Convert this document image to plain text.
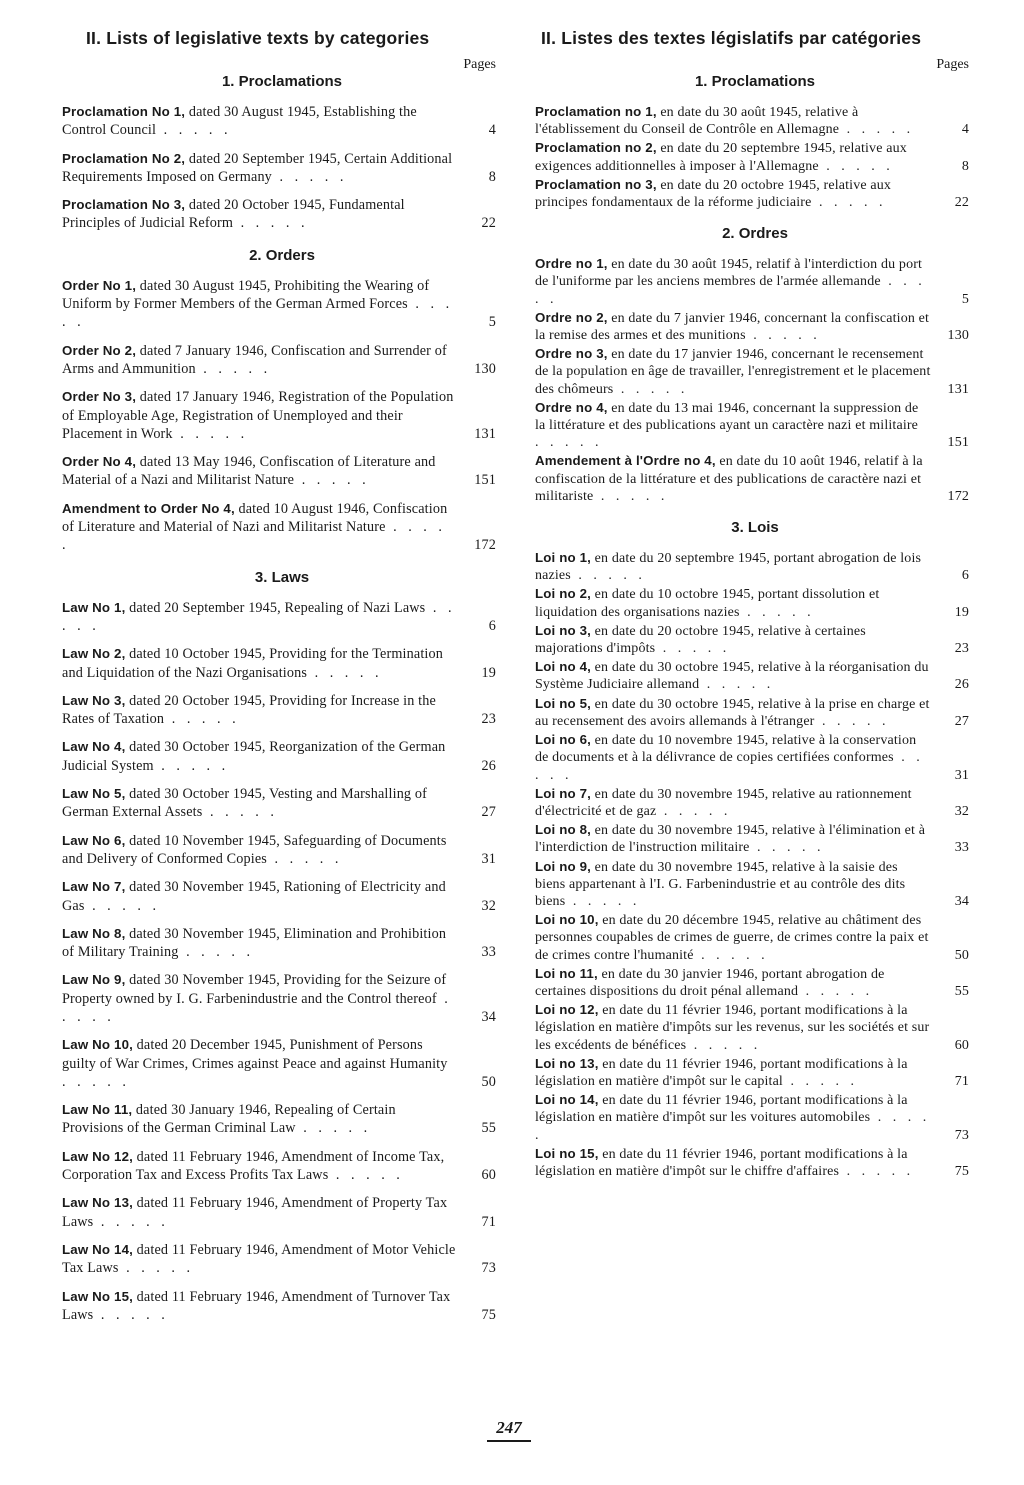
II. Lists of legislative texts by categories
Pages
1. Proclamations
Proclamation No 1, dated 30 August 1945, Establishing the Control Council . . . . .	4
Proclamation No 2, dated 20 September 1945, Certain Additional Requirements Imposed on Germany . . . . .	8
Proclamation No 3, dated 20 October 1945, Fundamental Principles of Judicial Reform . . . . .	22
2. Orders
Order No 1, dated 30 August 1945, Prohibiting the Wearing of Uniform by Former Members of the German Armed Forces . . . . .	5
Order No 2, dated 7 January 1946, Confiscation and Surrender of Arms and Ammunition . . . . .	130
Order No 3, dated 17 January 1946, Registration of the Population of Employable Age, Registration of Unemployed and their Placement in Work . . . . .	131
Order No 4, dated 13 May 1946, Confiscation of Literature and Material of a Nazi and Militarist Nature . . . . .	151
Amendment to Order No 4, dated 10 August 1946, Confiscation of Literature and Material of Nazi and Militarist Nature . . . . .	172
3. Laws
Law No 1, dated 20 September 1945, Repealing of Nazi Laws . . . . .	6
Law No 2, dated 10 October 1945, Providing for the Termination and Liquidation of the Nazi Organisations . . . . .	19
Law No 3, dated 20 October 1945, Providing for Increase in the Rates of Taxation . . . . .	23
Law No 4, dated 30 October 1945, Reorganization of the German Judicial System . . . . .	26
Law No 5, dated 30 October 1945, Vesting and Marshalling of German External Assets . . . . .	27
Law No 6, dated 10 November 1945, Safeguarding of Documents and Delivery of Conformed Copies . . . . .	31
Law No 7, dated 30 November 1945, Rationing of Electricity and Gas . . . . .	32
Law No 8, dated 30 November 1945, Elimination and Prohibition of Military Training . . . . .	33
Law No 9, dated 30 November 1945, Providing for the Seizure of Property owned by I. G. Farbenindustrie and the Control thereof . . . . .	34
Law No 10, dated 20 December 1945, Punishment of Persons guilty of War Crimes, Crimes against Peace and against Humanity . . . . .	50
Law No 11, dated 30 January 1946, Repealing of Certain Provisions of the German Criminal Law . . . . .	55
Law No 12, dated 11 February 1946, Amendment of Income Tax, Corporation Tax and Excess Profits Tax Laws . . . . .	60
Law No 13, dated 11 February 1946, Amendment of Property Tax Laws . . . . .	71
Law No 14, dated 11 February 1946, Amendment of Motor Vehicle Tax Laws . . . . .	73
Law No 15, dated 11 February 1946, Amendment of Turnover Tax Laws . . . . .	75
II. Listes des textes législatifs par catégories
Pages
1. Proclamations
Proclamation no 1, en date du 30 août 1945, relative à l'établissement du Conseil de Contrôle en Allemagne . . . . .	4
Proclamation no 2, en date du 20 septembre 1945, relative aux exigences additionnelles à imposer à l'Allemagne . . . . .	8
Proclamation no 3, en date du 20 octobre 1945, relative aux principes fondamentaux de la réforme judiciaire . . . . .	22
2. Ordres
Ordre no 1, en date du 30 août 1945, relatif à l'interdiction du port de l'uniforme par les anciens membres de l'armée allemande . . . . .	5
Ordre no 2, en date du 7 janvier 1946, concernant la confiscation et la remise des armes et des munitions . . . . .	130
Ordre no 3, en date du 17 janvier 1946, concernant le recensement de la population en âge de travailler, l'enregistrement et le placement des chômeurs . . . . .	131
Ordre no 4, en date du 13 mai 1946, concernant la suppression de la littérature et des publications ayant un caractère nazi et militaire . . . . .	151
Amendement à l'Ordre no 4, en date du 10 août 1946, relatif à la confiscation de la littérature et des publications de caractère nazi et militariste . . . . .	172
3. Lois
Loi no 1, en date du 20 septembre 1945, portant abrogation de lois nazies . . . . .	6
Loi no 2, en date du 10 octobre 1945, portant dissolution et liquidation des organisations nazies . . . . .	19
Loi no 3, en date du 20 octobre 1945, relative à certaines majorations d'impôts . . . . .	23
Loi no 4, en date du 30 octobre 1945, relative à la réorganisation du Système Judiciaire allemand . . . . .	26
Loi no 5, en date du 30 octobre 1945, relative à la prise en charge et au recensement des avoirs allemands à l'étranger . . . . .	27
Loi no 6, en date du 10 novembre 1945, relative à la conservation de documents et à la délivrance de copies certifiées conformes . . . . .	31
Loi no 7, en date du 30 novembre 1945, relative au rationnement d'électricité et de gaz . . . . .	32
Loi no 8, en date du 30 novembre 1945, relative à l'élimination et à l'interdiction de l'instruction militaire . . . . .	33
Loi no 9, en date du 30 novembre 1945, relative à la saisie des biens appartenant à l'I. G. Farbenindustrie et au contrôle des dits biens . . . . .	34
Loi no 10, en date du 20 décembre 1945, relative au châtiment des personnes coupables de crimes de guerre, de crimes contre la paix et de crimes contre l'humanité . . . . .	50
Loi no 11, en date du 30 janvier 1946, portant abrogation de certaines dispositions du droit pénal allemand . . . . .	55
Loi no 12, en date du 11 février 1946, portant modifications à la législation en matière d'impôts sur les revenus, sur les sociétés et sur les excédents de bénéfices . . . . .	60
Loi no 13, en date du 11 février 1946, portant modifications à la législation en matière d'impôt sur le capital . . . . .	71
Loi no 14, en date du 11 février 1946, portant modifications à la législation en matière d'impôt sur les voitures automobiles . . . . .	73
Loi no 15, en date du 11 février 1946, portant modifications à la législation en matière d'impôt sur le chiffre d'affaires . . . . .	75
247
